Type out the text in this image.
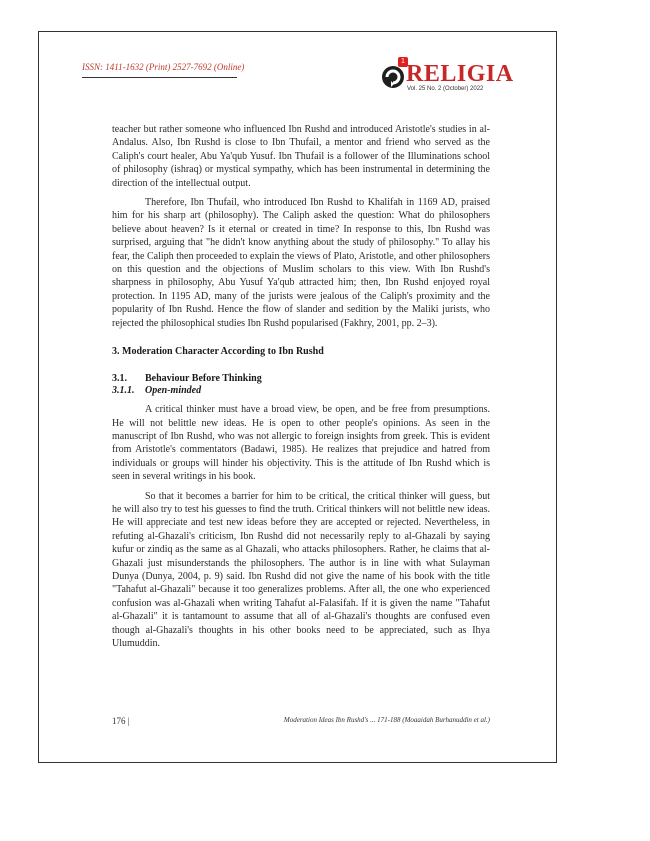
ISSN: 1411-1632 (Print) 2527-7692 (Online)
1 RELIGIA
Vol. 25 No. 2 (October) 2022

teacher but rather someone who influenced Ibn Rushd and introduced Aristotle's studies in al-Andalus. Also, Ibn Rushd is close to Ibn Thufail, a mentor and friend who served as the Caliph's court healer, Abu Ya'qub Yusuf. Ibn Thufail is a follower of the Illuminations school of philosophy (ishraq) or mystical sympathy, which has been instrumental in determining the direction of the intellectual output.

Therefore, Ibn Thufail, who introduced Ibn Rushd to Khalifah in 1169 AD, praised him for his sharp art (philosophy). The Caliph asked the question: What do philosophers believe about heaven? Is it eternal or created in time? In response to this, Ibn Rushd was surprised, arguing that "he didn't know anything about the study of philosophy." To allay his fear, the Caliph then proceeded to explain the views of Plato, Aristotle, and other philosophers on this question and the objections of Muslim scholars to this view. With Ibn Rushd's sharpness in philosophy, Abu Yusuf Ya'qub attracted him; then, Ibn Rushd enjoyed royal protection. In 1195 AD, many of the jurists were jealous of the Caliph's proximity and the popularity of Ibn Rushd. Hence the flow of slander and sedition by the Maliki jurists, who rejected the philosophical studies Ibn Rushd popularised (Fakhry, 2001, pp. 2–3).

3. Moderation Character According to Ibn Rushd
3.1. Behaviour Before Thinking
3.1.1. Open-minded

A critical thinker must have a broad view, be open, and be free from presumptions. He will not belittle new ideas. He is open to other people's opinions. As seen in the manuscript of Ibn Rushd, who was not allergic to foreign insights from greek. This is evident from Aristotle's commentators (Badawi, 1985). He realizes that prejudice and hatred from individuals or groups will hinder his objectivity. This is the attitude of Ibn Rushd which is seen in several writings in his book.

So that it becomes a barrier for him to be critical, the critical thinker will guess, but he will also try to test his guesses to find the truth. Critical thinkers will not belittle new ideas. He will appreciate and test new ideas before they are accepted or rejected. Nevertheless, in refuting al-Ghazali's criticism, Ibn Rushd did not necessarily reply to al-Ghazali by saying kufur or zindiq as the same as al Ghazali, who attacks philosophers. Rather, he claims that al-Ghazali just misunderstands the philosophers. The author is in line with what Sulayman Dunya (Dunya, 2004, p. 9) said. Ibn Rushd did not give the name of his book with the title "Tahafut al-Ghazali" because it too generalizes problems. After all, the one who experienced confusion was al-Ghazali when writing Tahafut al-Falasifah. If it is given the name "Tahafut al-Ghazali" it is tantamount to assume that all of al-Ghazali's thoughts are confused even though al-Ghazali's thoughts in his other books need to be appreciated, such as Ihya Ulumuddin.

176 |	Moderation Ideas Ibn Rushd's ... 171-188 (Moaaidah Burhanuddin et al.)
